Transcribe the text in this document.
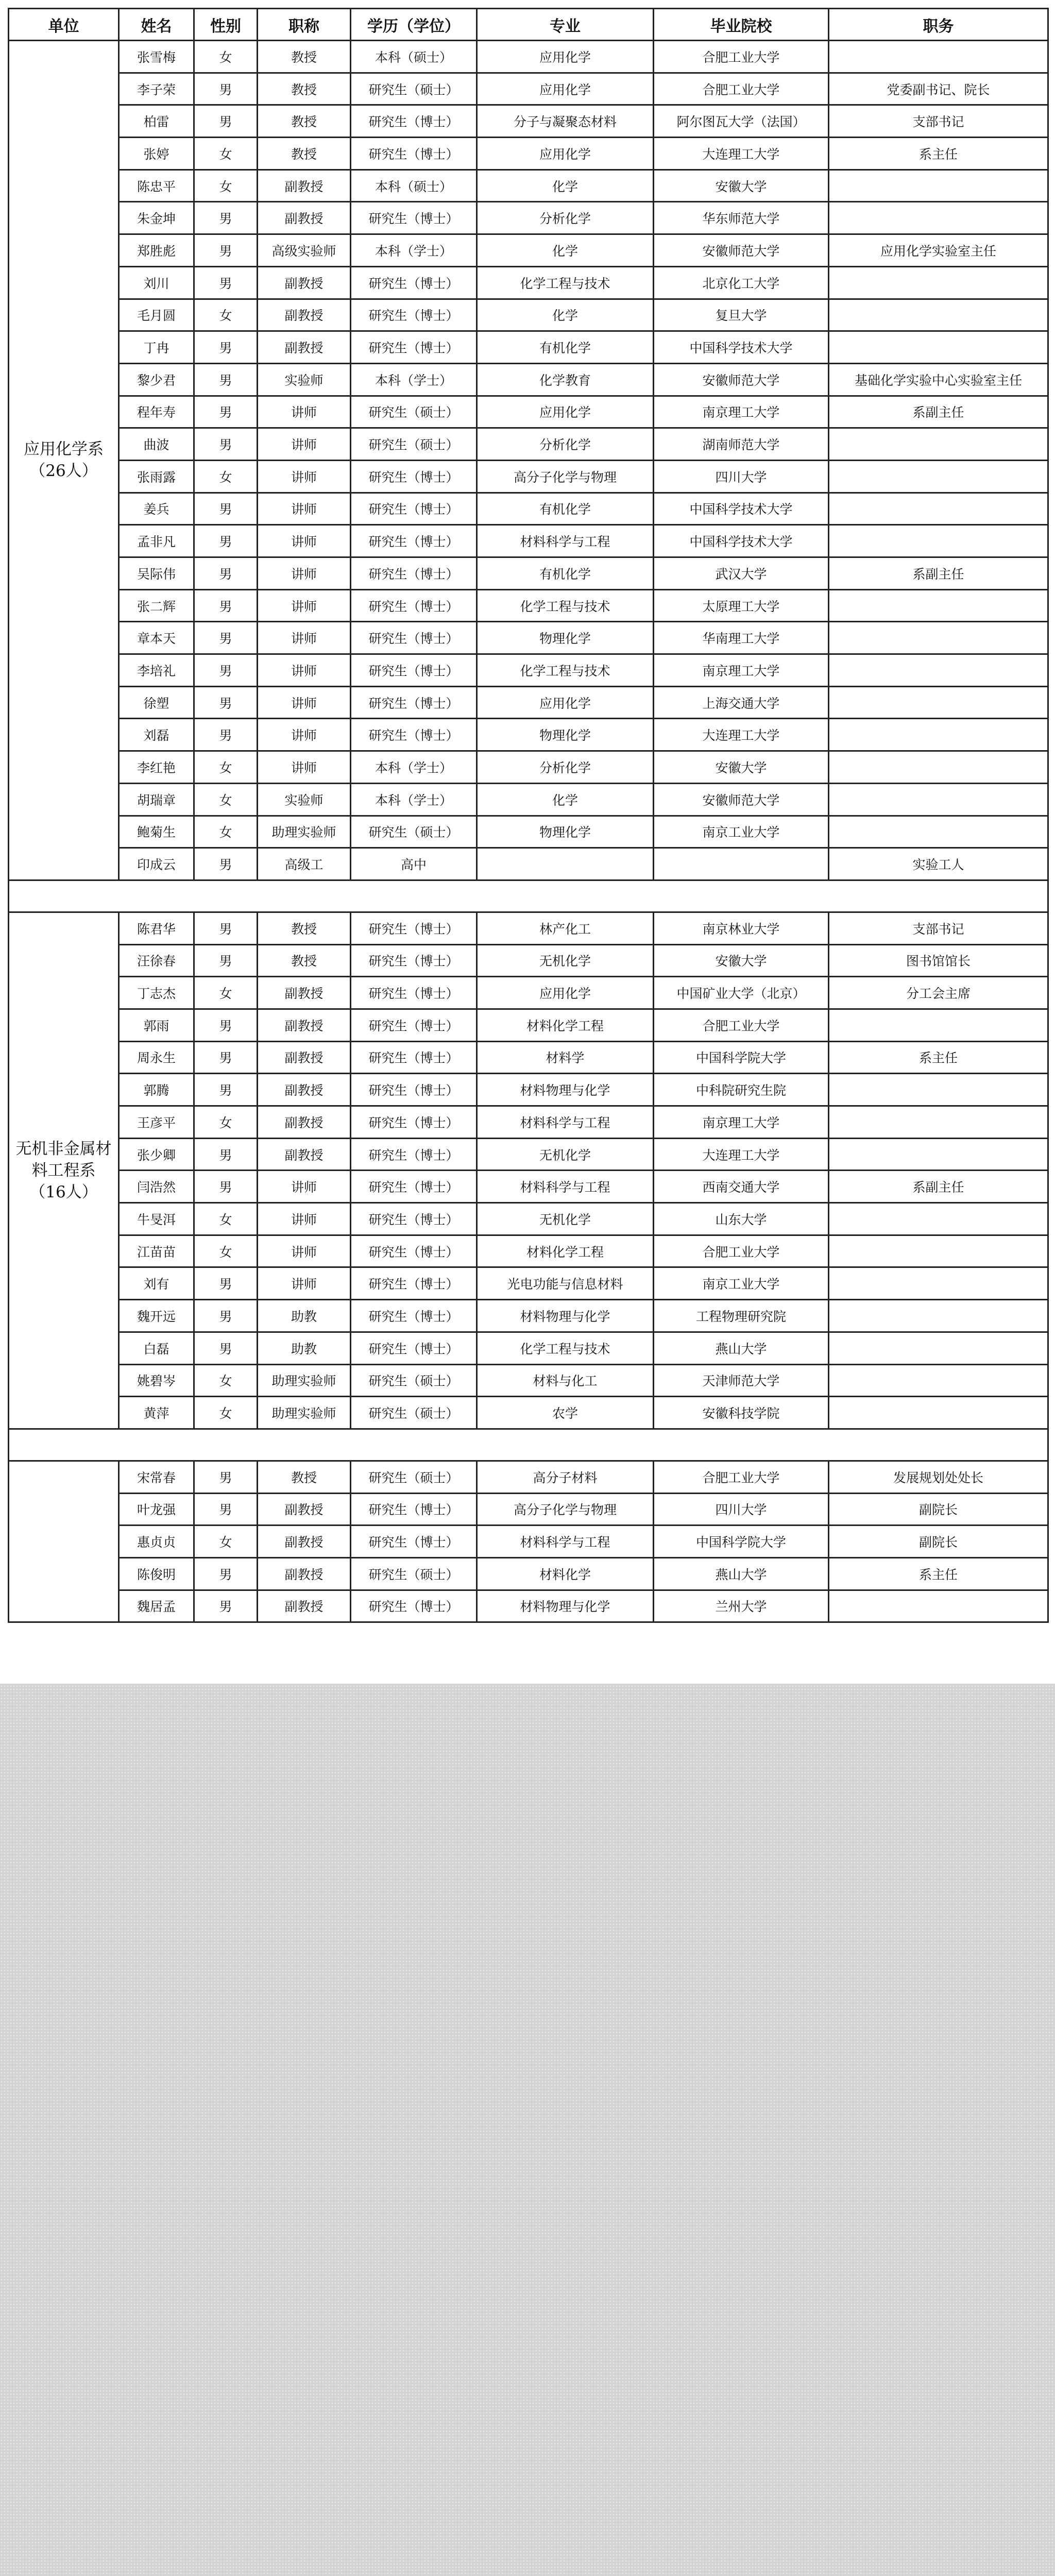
单位	姓名	性别	职称	学历（学位）	专业	毕业院校	职务

应用化学系
（26人）	张雪梅	女	教授	本科（硕士）	应用化学	合肥工业大学	
	李子荣	男	教授	研究生（硕士）	应用化学	合肥工业大学	党委副书记、院长
	柏雷	男	教授	研究生（博士）	分子与凝聚态材料	阿尔图瓦大学（法国）	支部书记
	张婷	女	教授	研究生（博士）	应用化学	大连理工大学	系主任
	陈忠平	女	副教授	本科（硕士）	化学	安徽大学	
	朱金坤	男	副教授	研究生（博士）	分析化学	华东师范大学	
	郑胜彪	男	高级实验师	本科（学士）	化学	安徽师范大学	应用化学实验室主任
	刘川	男	副教授	研究生（博士）	化学工程与技术	北京化工大学	
	毛月圆	女	副教授	研究生（博士）	化学	复旦大学	
	丁冉	男	副教授	研究生（博士）	有机化学	中国科学技术大学	
	黎少君	男	实验师	本科（学士）	化学教育	安徽师范大学	基础化学实验中心实验室主任
	程年寿	男	讲师	研究生（硕士）	应用化学	南京理工大学	系副主任
	曲波	男	讲师	研究生（硕士）	分析化学	湖南师范大学	
	张雨露	女	讲师	研究生（博士）	高分子化学与物理	四川大学	
	姜兵	男	讲师	研究生（博士）	有机化学	中国科学技术大学	
	孟非凡	男	讲师	研究生（博士）	材料科学与工程	中国科学技术大学	
	吴际伟	男	讲师	研究生（博士）	有机化学	武汉大学	系副主任
	张二辉	男	讲师	研究生（博士）	化学工程与技术	太原理工大学	
	章本天	男	讲师	研究生（博士）	物理化学	华南理工大学	
	李培礼	男	讲师	研究生（博士）	化学工程与技术	南京理工大学	
	徐塑	男	讲师	研究生（博士）	应用化学	上海交通大学	
	刘磊	男	讲师	研究生（博士）	物理化学	大连理工大学	
	李红艳	女	讲师	本科（学士）	分析化学	安徽大学	
	胡瑞章	女	实验师	本科（学士）	化学	安徽师范大学	
	鲍菊生	女	助理实验师	研究生（硕士）	物理化学	南京工业大学	
	印成云	男	高级工	高中			实验工人

无机非金属材料工程系
（16人）	陈君华	男	教授	研究生（博士）	林产化工	南京林业大学	支部书记
	汪徐春	男	教授	研究生（博士）	无机化学	安徽大学	图书馆馆长
	丁志杰	女	副教授	研究生（博士）	应用化学	中国矿业大学（北京）	分工会主席
	郭雨	男	副教授	研究生（博士）	材料化学工程	合肥工业大学	
	周永生	男	副教授	研究生（博士）	材料学	中国科学院大学	系主任
	郭腾	男	副教授	研究生（博士）	材料物理与化学	中科院研究生院	
	王彦平	女	副教授	研究生（博士）	材料科学与工程	南京理工大学	
	张少卿	男	副教授	研究生（博士）	无机化学	大连理工大学	
	闫浩然	男	讲师	研究生（博士）	材料科学与工程	西南交通大学	系副主任
	牛旻洱	女	讲师	研究生（博士）	无机化学	山东大学	
	江苗苗	女	讲师	研究生（博士）	材料化学工程	合肥工业大学	
	刘有	男	讲师	研究生（博士）	光电功能与信息材料	南京工业大学	
	魏开远	男	助教	研究生（博士）	材料物理与化学	工程物理研究院	
	白磊	男	助教	研究生（博士）	化学工程与技术	燕山大学	
	姚碧岑	女	助理实验师	研究生（硕士）	材料与化工	天津师范大学	
	黄萍	女	助理实验师	研究生（硕士）	农学	安徽科技学院	

	宋常春	男	教授	研究生（硕士）	高分子材料	合肥工业大学	发展规划处处长
	叶龙强	男	副教授	研究生（博士）	高分子化学与物理	四川大学	副院长
	惠贞贞	女	副教授	研究生（博士）	材料科学与工程	中国科学院大学	副院长
	陈俊明	男	副教授	研究生（硕士）	材料化学	燕山大学	系主任
	魏居孟	男	副教授	研究生（博士）	材料物理与化学	兰州大学	
